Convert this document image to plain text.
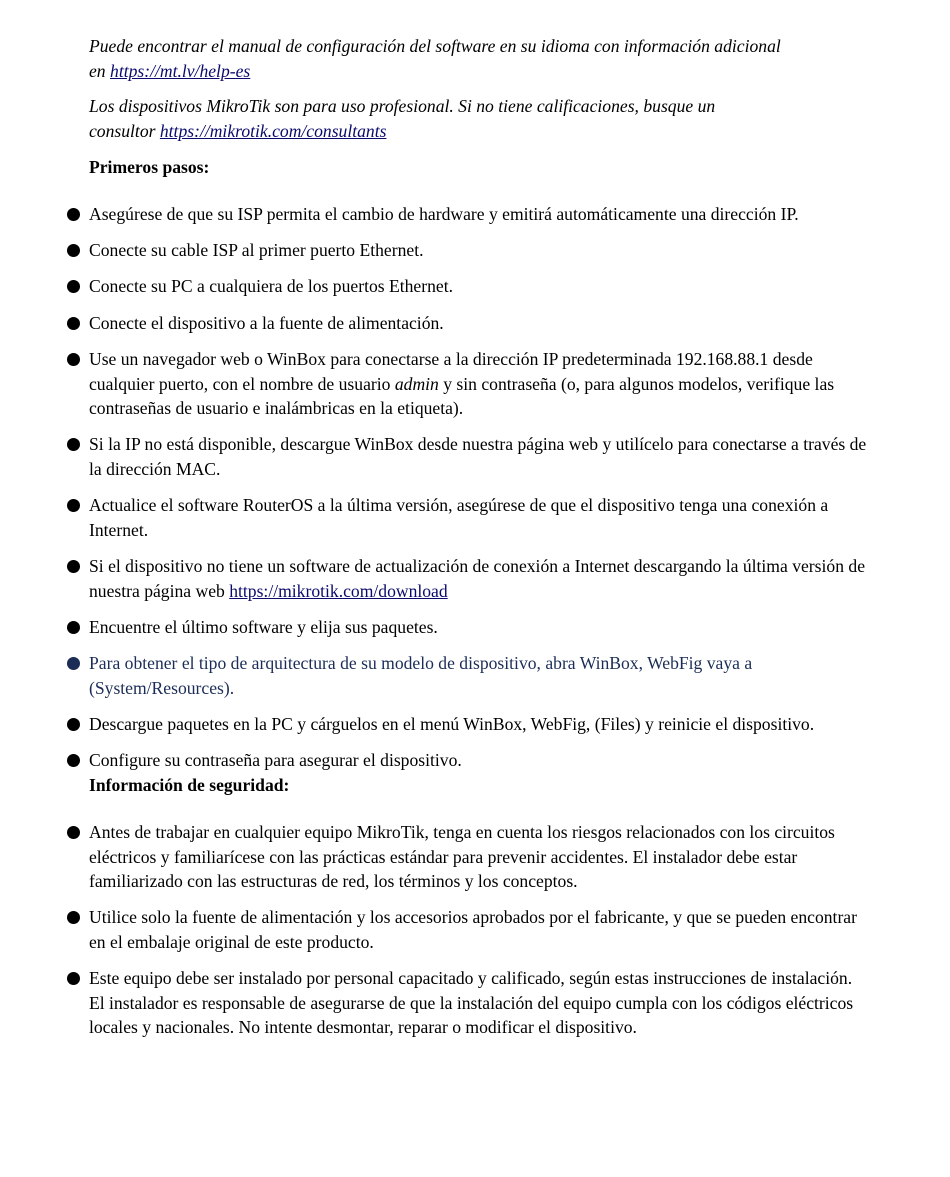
Puede encontrar el manual de configuración del software en su idioma con información adicional en https://mt.lv/help-es
Los dispositivos MikroTik son para uso profesional. Si no tiene calificaciones, busque un consultor https://mikrotik.com/consultants
Primeros pasos:
Asegúrese de que su ISP permita el cambio de hardware y emitirá automáticamente una dirección IP.
Conecte su cable ISP al primer puerto Ethernet.
Conecte su PC a cualquiera de los puertos Ethernet.
Conecte el dispositivo a la fuente de alimentación.
Use un navegador web o WinBox para conectarse a la dirección IP predeterminada 192.168.88.1 desde cualquier puerto, con el nombre de usuario admin y sin contraseña (o, para algunos modelos, verifique las contraseñas de usuario e inalámbricas en la etiqueta).
Si la IP no está disponible, descargue WinBox desde nuestra página web y utilícelo para conectarse a través de la dirección MAC.
Actualice el software RouterOS a la última versión, asegúrese de que el dispositivo tenga una conexión a Internet.
Si el dispositivo no tiene un software de actualización de conexión a Internet descargando la última versión de nuestra página web https://mikrotik.com/download
Encuentre el último software y elija sus paquetes.
Para obtener el tipo de arquitectura de su modelo de dispositivo, abra WinBox, WebFig vaya a (System/Resources).
Descargue paquetes en la PC y cárguelos en el menú WinBox, WebFig, (Files) y reinicie el dispositivo.
Configure su contraseña para asegurar el dispositivo.
Información de seguridad:
Antes de trabajar en cualquier equipo MikroTik, tenga en cuenta los riesgos relacionados con los circuitos eléctricos y familiarícese con las prácticas estándar para prevenir accidentes. El instalador debe estar familiarizado con las estructuras de red, los términos y los conceptos.
Utilice solo la fuente de alimentación y los accesorios aprobados por el fabricante, y que se pueden encontrar en el embalaje original de este producto.
Este equipo debe ser instalado por personal capacitado y calificado, según estas instrucciones de instalación. El instalador es responsable de asegurarse de que la instalación del equipo cumpla con los códigos eléctricos locales y nacionales. No intente desmontar, reparar o modificar el dispositivo.
